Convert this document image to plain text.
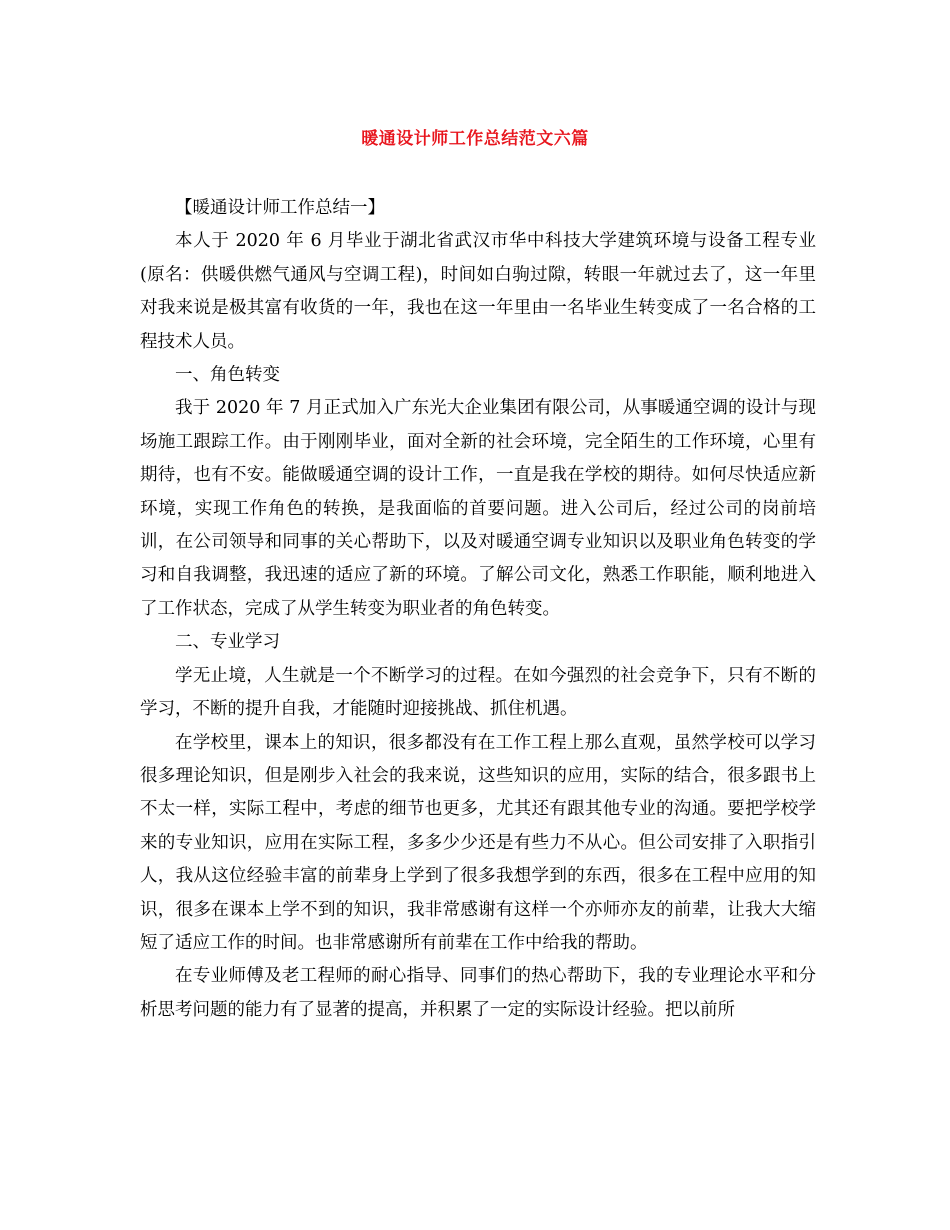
暖通设计师工作总结范文六篇

【暖通设计师工作总结一】

本人于 2020 年 6 月毕业于湖北省武汉市华中科技大学建筑环境与设备工程专业(原名：供暖供燃气通风与空调工程)，时间如白驹过隙，转眼一年就过去了，这一年里对我来说是极其富有收货的一年，我也在这一年里由一名毕业生转变成了一名合格的工程技术人员。

一、角色转变

我于 2020 年 7 月正式加入广东光大企业集团有限公司，从事暖通空调的设计与现场施工跟踪工作。由于刚刚毕业，面对全新的社会环境，完全陌生的工作环境，心里有期待，也有不安。能做暖通空调的设计工作，一直是我在学校的期待。如何尽快适应新环境，实现工作角色的转换，是我面临的首要问题。进入公司后，经过公司的岗前培训，在公司领导和同事的关心帮助下，以及对暖通空调专业知识以及职业角色转变的学习和自我调整，我迅速的适应了新的环境。了解公司文化，熟悉工作职能，顺利地进入了工作状态，完成了从学生转变为职业者的角色转变。

二、专业学习

学无止境，人生就是一个不断学习的过程。在如今强烈的社会竞争下，只有不断的学习，不断的提升自我，才能随时迎接挑战、抓住机遇。

在学校里，课本上的知识，很多都没有在工作工程上那么直观，虽然学校可以学习很多理论知识，但是刚步入社会的我来说，这些知识的应用，实际的结合，很多跟书上不太一样，实际工程中，考虑的细节也更多，尤其还有跟其他专业的沟通。要把学校学来的专业知识，应用在实际工程，多多少少还是有些力不从心。但公司安排了入职指引人，我从这位经验丰富的前辈身上学到了很多我想学到的东西，很多在工程中应用的知识，很多在课本上学不到的知识，我非常感谢有这样一个亦师亦友的前辈，让我大大缩短了适应工作的时间。也非常感谢所有前辈在工作中给我的帮助。

在专业师傅及老工程师的耐心指导、同事们的热心帮助下，我的专业理论水平和分析思考问题的能力有了显著的提高，并积累了一定的实际设计经验。把以前所
